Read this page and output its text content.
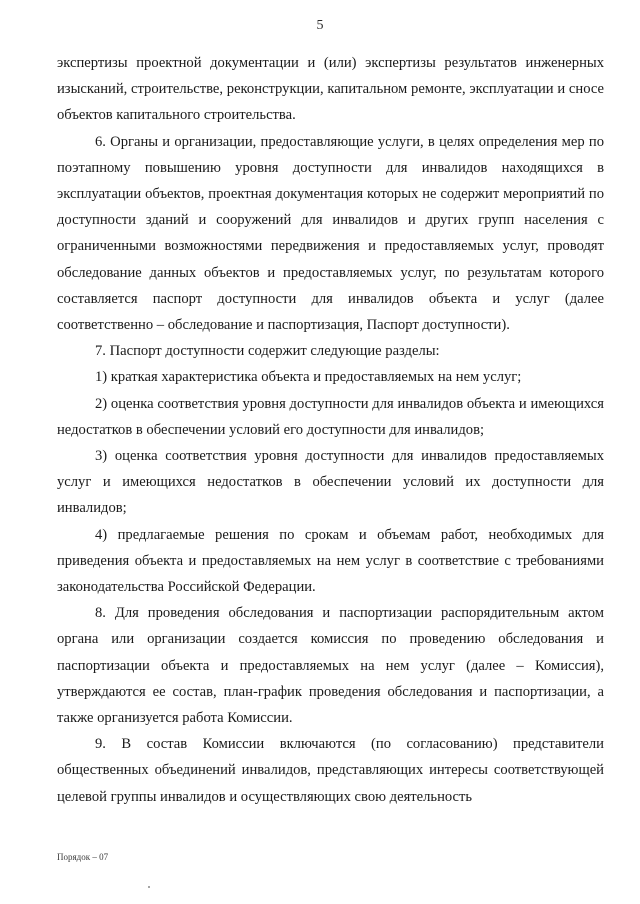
5

экспертизы проектной документации и (или) экспертизы результатов инженерных изысканий, строительстве, реконструкции, капитальном ремонте, эксплуатации и сносе объектов капитального строительства.

6. Органы и организации, предоставляющие услуги, в целях определения мер по поэтапному повышению уровня доступности для инвалидов находящихся в эксплуатации объектов, проектная документация которых не содержит мероприятий по доступности зданий и сооружений для инвалидов и других групп населения с ограниченными возможностями передвижения и предоставляемых услуг, проводят обследование данных объектов и предоставляемых услуг, по результатам которого составляется паспорт доступности для инвалидов объекта и услуг (далее соответственно – обследование и паспортизация, Паспорт доступности).

7. Паспорт доступности содержит следующие разделы:

1) краткая характеристика объекта и предоставляемых на нем услуг;

2) оценка соответствия уровня доступности для инвалидов объекта и имеющихся недостатков в обеспечении условий его доступности для инвалидов;

3) оценка соответствия уровня доступности для инвалидов предоставляемых услуг и имеющихся недостатков в обеспечении условий их доступности для инвалидов;

4) предлагаемые решения по срокам и объемам работ, необходимых для приведения объекта и предоставляемых на нем услуг в соответствие с требованиями законодательства Российской Федерации.

8. Для проведения обследования и паспортизации распорядительным актом органа или организации создается комиссия по проведению обследования и паспортизации объекта и предоставляемых на нем услуг (далее – Комиссия), утверждаются ее состав, план-график проведения обследования и паспортизации, а также организуется работа Комиссии.

9. В состав Комиссии включаются (по согласованию) представители общественных объединений инвалидов, представляющих интересы соответствующей целевой группы инвалидов и осуществляющих свою деятельность

Порядок – 07
